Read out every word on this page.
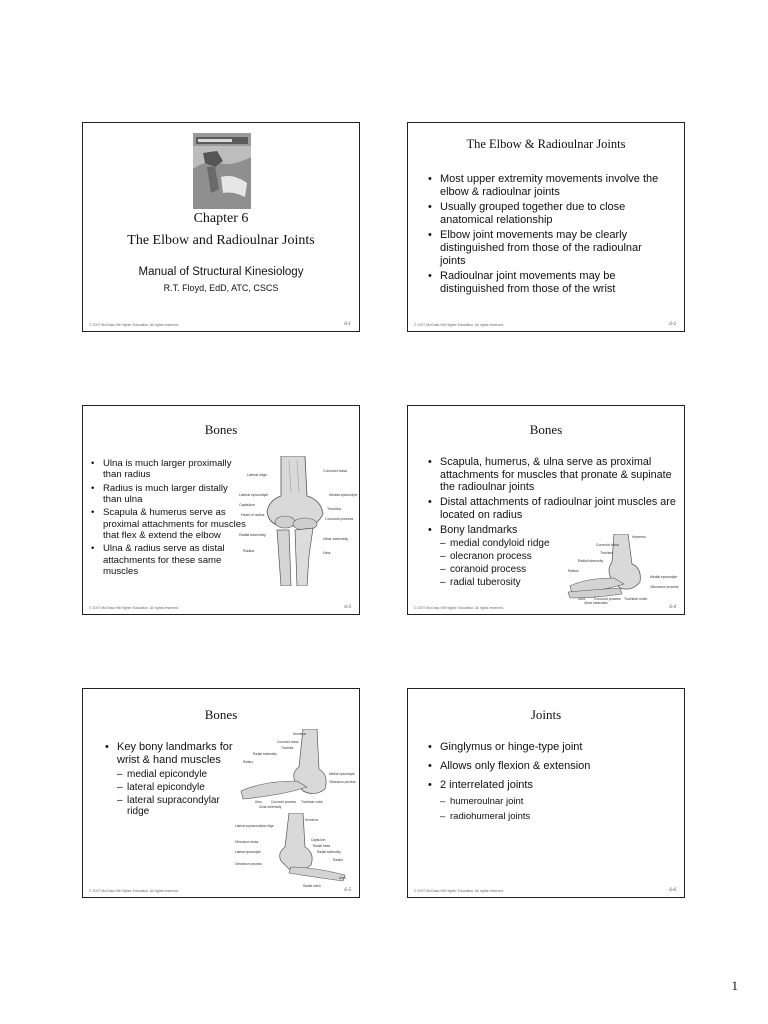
Chapter 6
The Elbow and Radioulnar Joints
Manual of Structural Kinesiology
R.T. Floyd, EdD, ATC, CSCS
© 2007 McGraw-Hill Higher Education. All rights reserved.	6-1
The Elbow & Radioulnar Joints
• Most upper extremity movements involve the elbow & radioulnar joints
• Usually grouped together due to close anatomical relationship
• Elbow joint movements may be clearly distinguished from those of the radioulnar joints
• Radioulnar joint movements may be distinguished from those of the wrist
© 2007 McGraw-Hill Higher Education. All rights reserved.	6-2
Bones
• Ulna is much larger proximally than radius
• Radius is much larger distally than ulna
• Scapula & humerus serve as proximal attachments for muscles that flex & extend the elbow
• Ulna & radius serve as distal attachments for these same muscles
Lateral ridge
Lateral epicondyle
Capitulum
Head of radius
Radial tuberosity
Radius
Coronoid fossa
Medial epicondyle
Trochlea
Coronoid process
Ulnar tuberosity
Ulna
© 2007 McGraw-Hill Higher Education. All rights reserved.	6-3
Bones
• Scapula, humerus, & ulna serve as proximal attachments for muscles that pronate & supinate the radioulnar joints
• Distal attachments of radioulnar joint muscles are located on radius
• Bony landmarks
– medial condyloid ridge
– olecranon process
– coranoid process
– radial tuberosity
Humerus
Coronoid fossa
Trochlea
Radial tuberosity
Radius
Medial epicondyle
Olecranon process
Ulna	Coronoid process Trochlear notch
Ulnar tuberosity
© 2007 McGraw-Hill Higher Education. All rights reserved.	6-4
Bones
• Key bony landmarks for wrist & hand muscles
– medial epicondyle
– lateral epicondyle
– lateral supracondylar ridge
Humerus
Coronoid fossa
Trochlea
Radial tuberosity
Radius
Medial epicondyle
Olecranon process
Ulna	Coronoid process Trochlear notch
Ulnar tuberosity
Humerus
Lateral supracondylar ridge
Capitulum
Olecranon fossa
Radial head
Lateral epicondyle	Radial tuberosity
Radius
Olecranon process
Ulna
Radial notch
© 2007 McGraw-Hill Higher Education. All rights reserved.	6-5
Joints
• Ginglymus or hinge-type joint
• Allows only flexion & extension
• 2 interrelated joints
– humeroulnar joint
– radiohumeral joints
© 2007 McGraw-Hill Higher Education. All rights reserved.	6-6
1
